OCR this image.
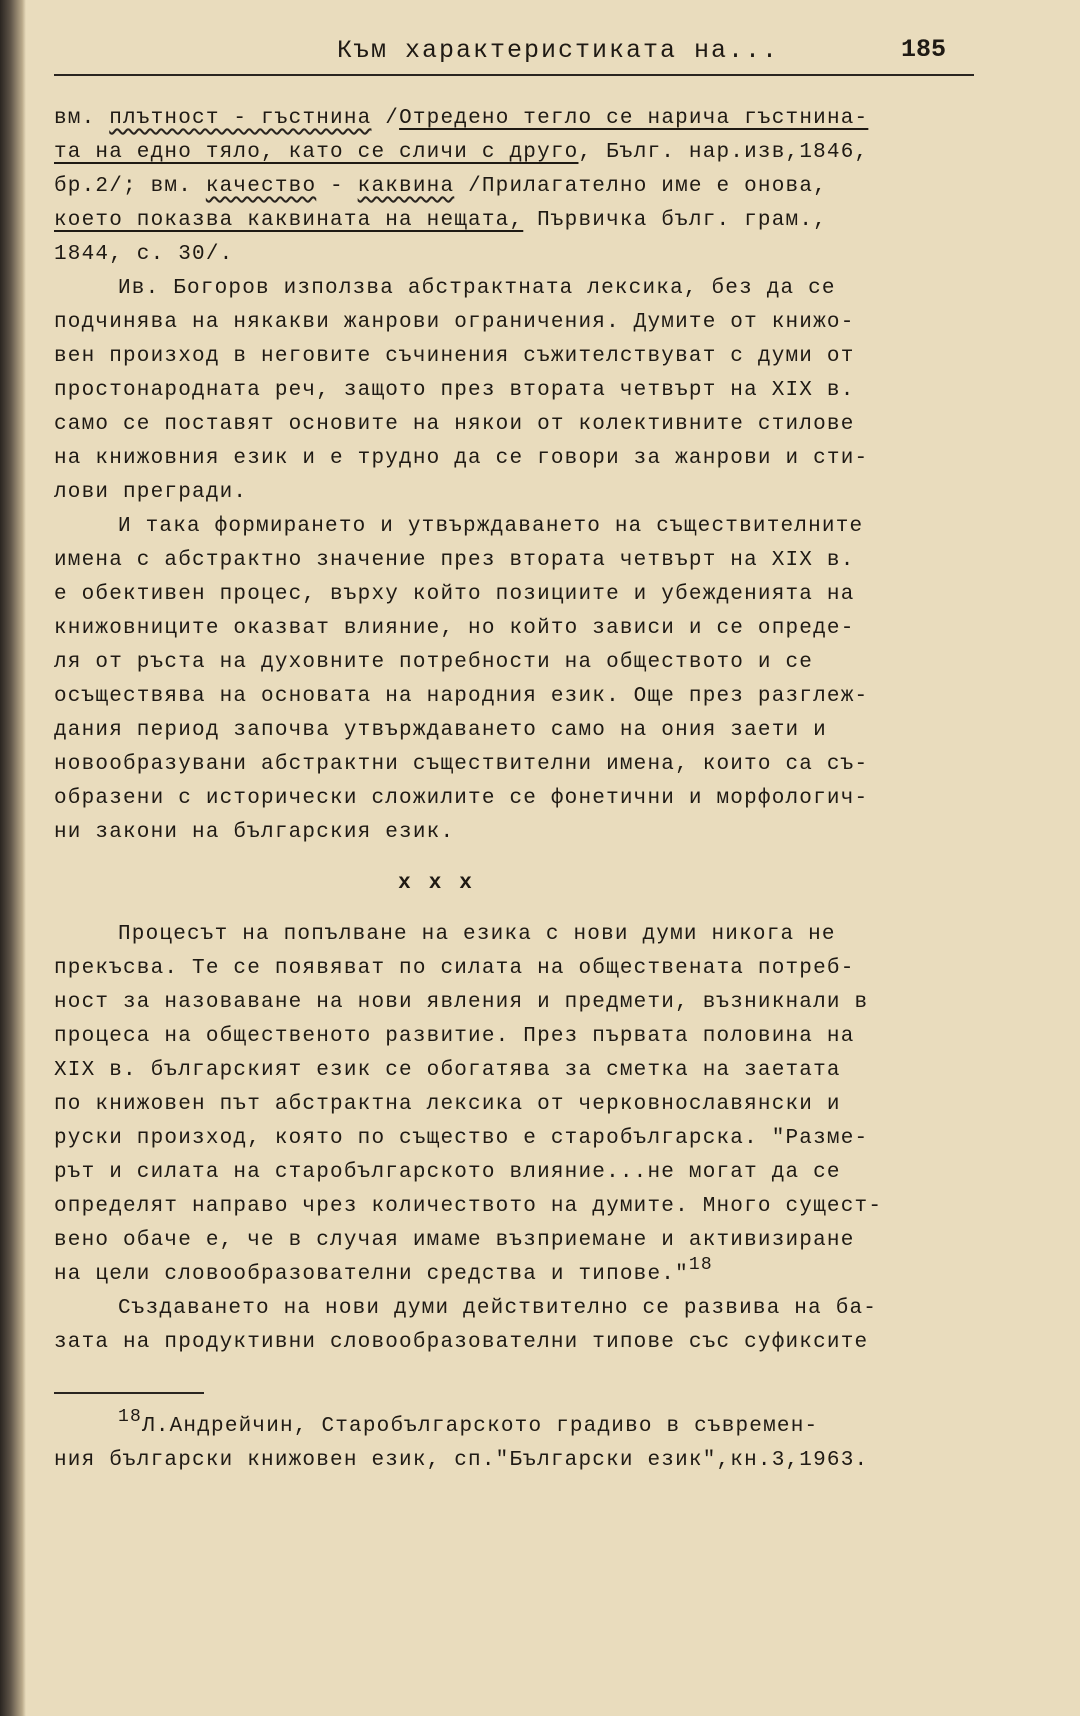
Към характеристиката на...	185
вм. плътност - гъстнина /Отредено тегло се нарича гъстнина-
та на едно тяло, като се сличи с друго, Бълг. нар.изв,1846,
бр.2/; вм. качество - каквина /Прилагателно име е онова,
което показва каквината на нещата, Първичка бълг. грам.,
1844, с. 30/.
Ив. Богоров използва абстрактната лексика, без да се
подчинява на някакви жанрови ограничения. Думите от книжо-
вен произход в неговите съчинения съжителствуват с думи от
простонародната реч, защото през втората четвърт на XIX в.
само се поставят основите на някои от колективните стилове
на книжовния език и е трудно да се говори за жанрови и сти-
лови прегради.
И така формирането и утвърждаването на съществителните
имена с абстрактно значение през втората четвърт на XIX в.
е обективен процес, върху който позициите и убежденията на
книжовниците оказват влияние, но който зависи и се опреде-
ля от ръста на духовните потребности на обществото и се
осъществява на основата на народния език. Още през разглеж-
дания период започва утвърждаването само на ония заети и
новообразувани абстрактни съществителни имена, които са съ-
образени с исторически сложилите се фонетични и морфологич-
ни закони на българския език.
xxx
Процесът на попълване на езика с нови думи никога не
прекъсва. Те се появяват по силата на обществената потреб-
ност за назоваване на нови явления и предмети, възникнали в
процеса на общественото развитие. През първата половина на
XIX в. българският език се обогатява за сметка на заетата
по книжовен път абстрактна лексика от черковнославянски и
руски произход, която по същество е старобългарска. "Разме-
рът и силата на старобългарското влияние...не могат да се
определят направо чрез количеството на думите. Много сущест-
вено обаче е, че в случая имаме възприемане и активизиране
на цели словообразователни средства и типове."$^{18}$
Създаването на нови думи действително се развива на ба-
зата на продуктивни словообразователни типове със суфиксите
$^{18}$Л.Андрейчин, Старобългарското градиво в съвремен-
ния български книжовен език, сп."Български език",кн.3,1963.
